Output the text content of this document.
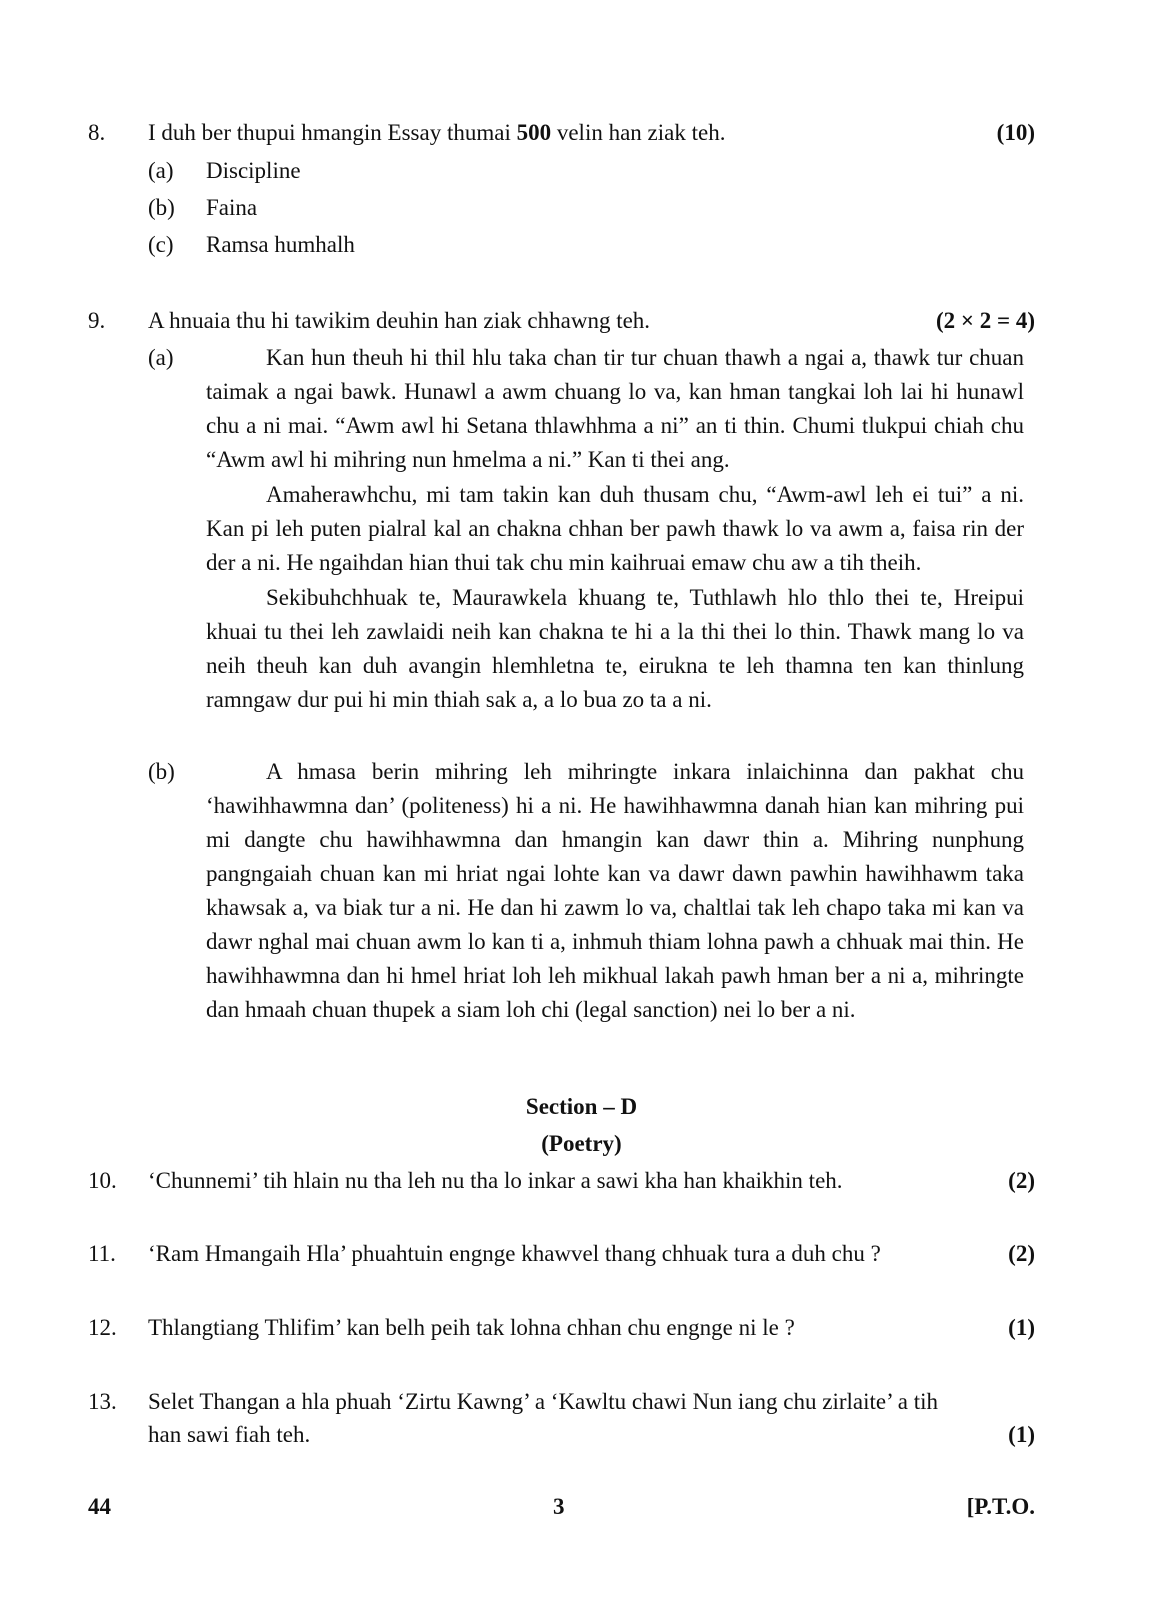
8. I duh ber thupui hmangin Essay thumai 500 velin han ziak teh.	(10)
(a) Discipline
(b) Faina
(c) Ramsa humhalh
9. A hnuaia thu hi tawikim deuhin han ziak chhawng teh.	(2 × 2 = 4)
(a)	Kan hun theuh hi thil hlu taka chan tir tur chuan thawh a ngai a, thawk tur chuan taimak a ngai bawk. Hunawl a awm chuang lo va, kan hman tangkai loh lai hi hunawl chu a ni mai. “Awm awl hi Setana thlawhhma a ni” an ti thin. Chumi tlukpui chiah chu “Awm awl hi mihring nun hmelma a ni.” Kan ti thei ang.

Amaherawhchu, mi tam takin kan duh thusam chu, “Awm-awl leh ei tui” a ni. Kan pi leh puten pialral kal an chakna chhan ber pawh thawk lo va awm a, faisa rin der der a ni. He ngaihdan hian thui tak chu min kaihruai emaw chu aw a tih theih.

Sekibuhchhuak te, Maurawkela khuang te, Tuthlawh hlo thlo thei te, Hreipui khuai tu thei leh zawlaidi neih kan chakna te hi a la thi thei lo thin. Thawk mang lo va neih theuh kan duh avangin hlemhletna te, eirukna te leh thamna ten kan thinlung ramngaw dur pui hi min thiah sak a, a lo bua zo ta a ni.

(b)	A hmasa berin mihring leh mihringte inkara inlaichinna dan pakhat chu ‘hawihhawmna dan’ (politeness) hi a ni. He hawihhawmna danah hian kan mihring pui mi dangte chu hawihhawmna dan hmangin kan dawr thin a. Mihring nunphung pangngaiah chuan kan mi hriat ngai lohte kan va dawr dawn pawhin hawihhawm taka khawsak a, va biak tur a ni. He dan hi zawm lo va, chaltlai tak leh chapo taka mi kan va dawr nghal mai chuan awm lo kan ti a, inhmuh thiam lohna pawh a chhuak mai thin. He hawihhawmna dan hi hmel hriat loh leh mikhual lakah pawh hman ber a ni a, mihringte dan hmaah chuan thupek a siam loh chi (legal sanction) nei lo ber a ni.

Section – D
(Poetry)
10. ‘Chunnemi’ tih hlain nu tha leh nu tha lo inkar a sawi kha han khaikhin teh.	(2)
11. ‘Ram Hmangaih Hla’ phuahtuin engnge khawvel thang chhuak tura a duh chu ?	(2)
12. Thlangtiang Thlifim’ kan belh peih tak lohna chhan chu engnge ni le ?	(1)
13. Selet Thangan a hla phuah ‘Zirtu Kawng’ a ‘Kawltu chawi Nun iang chu zirlaite’ a tih
han sawi fiah teh.	(1)
44	3	[P.T.O.
